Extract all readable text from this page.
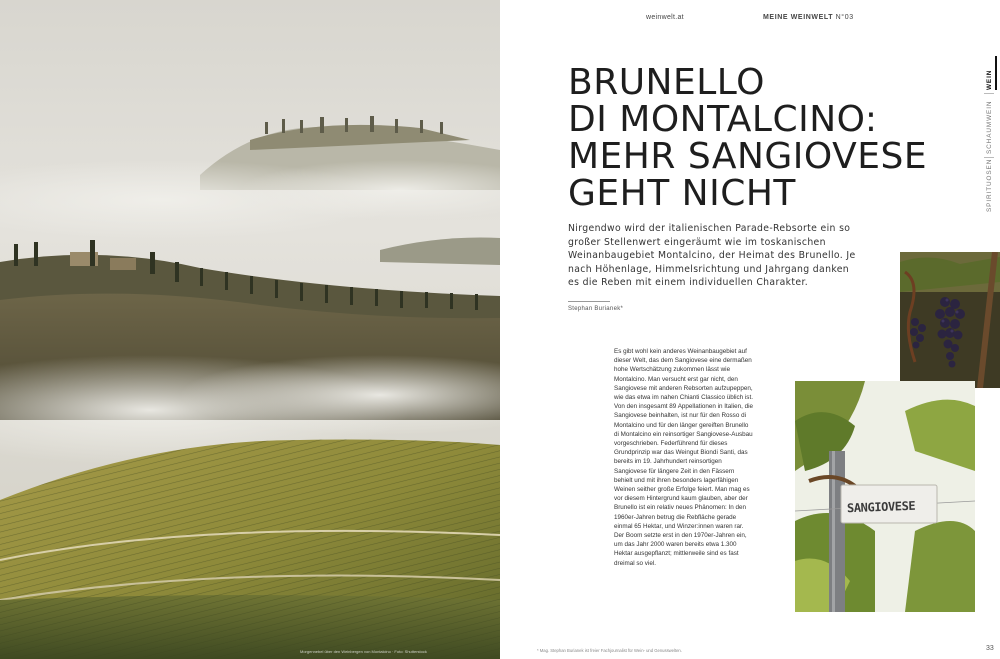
Morgennebel über den Weinbergen von Montalcino · Foto: Shutterstock
weinwelt.at	MEINE WEINWELT N°03
BRUNELLO
DI MONTALCINO:
MEHR SANGIOVESE
GEHT NICHT

Nirgendwo wird der italienischen Parade-Rebsorte ein so großer Stellenwert eingeräumt wie im toskanischen Weinanbaugebiet Montalcino, der Heimat des Brunello. Je nach Höhenlage, Himmelsrichtung und Jahrgang danken es die Reben mit einem individuellen Charakter.

Stephan Burianek*

Es gibt wohl kein anderes Weinanbaugebiet auf dieser Welt, das dem Sangiovese eine dermaßen hohe Wertschätzung zukommen lässt wie Montalcino. Man versucht erst gar nicht, den Sangiovese mit anderen Rebsorten aufzupeppen, wie das etwa im nahen Chianti Classico üblich ist. Von den insgesamt 89 Appellationen in Italien, die Sangiovese beinhalten, ist nur für den Rosso di Montalcino und für den länger gereiften Brunello di Montalcino ein reinsortiger Sangiovese-Ausbau vorgeschrieben. Federführend für dieses Grundprinzip war das Weingut Biondi Santi, das bereits im 19. Jahrhundert reinsortigen Sangiovese für längere Zeit in den Fässern behielt und mit ihren besonders lagerfähigen Weinen seither große Erfolge feiert. Man mag es vor diesem Hintergrund kaum glauben, aber der Brunello ist ein relativ neues Phänomen: In den 1960er-Jahren betrug die Rebfläche gerade einmal 65 Hektar, und Winzer:innen waren rar. Der Boom setzte erst in den 1970er-Jahren ein, um das Jahr 2000 waren bereits etwa 1.300 Hektar ausgepflanzt; mittlerweile sind es fast dreimal so viel.

WEIN
SCHAUMWEIN
SPIRITUOSEN
SANGIOVESE
* Mag. Stephan Burianek ist freier Fachjournalist für Wein- und Genusswelten.	33
